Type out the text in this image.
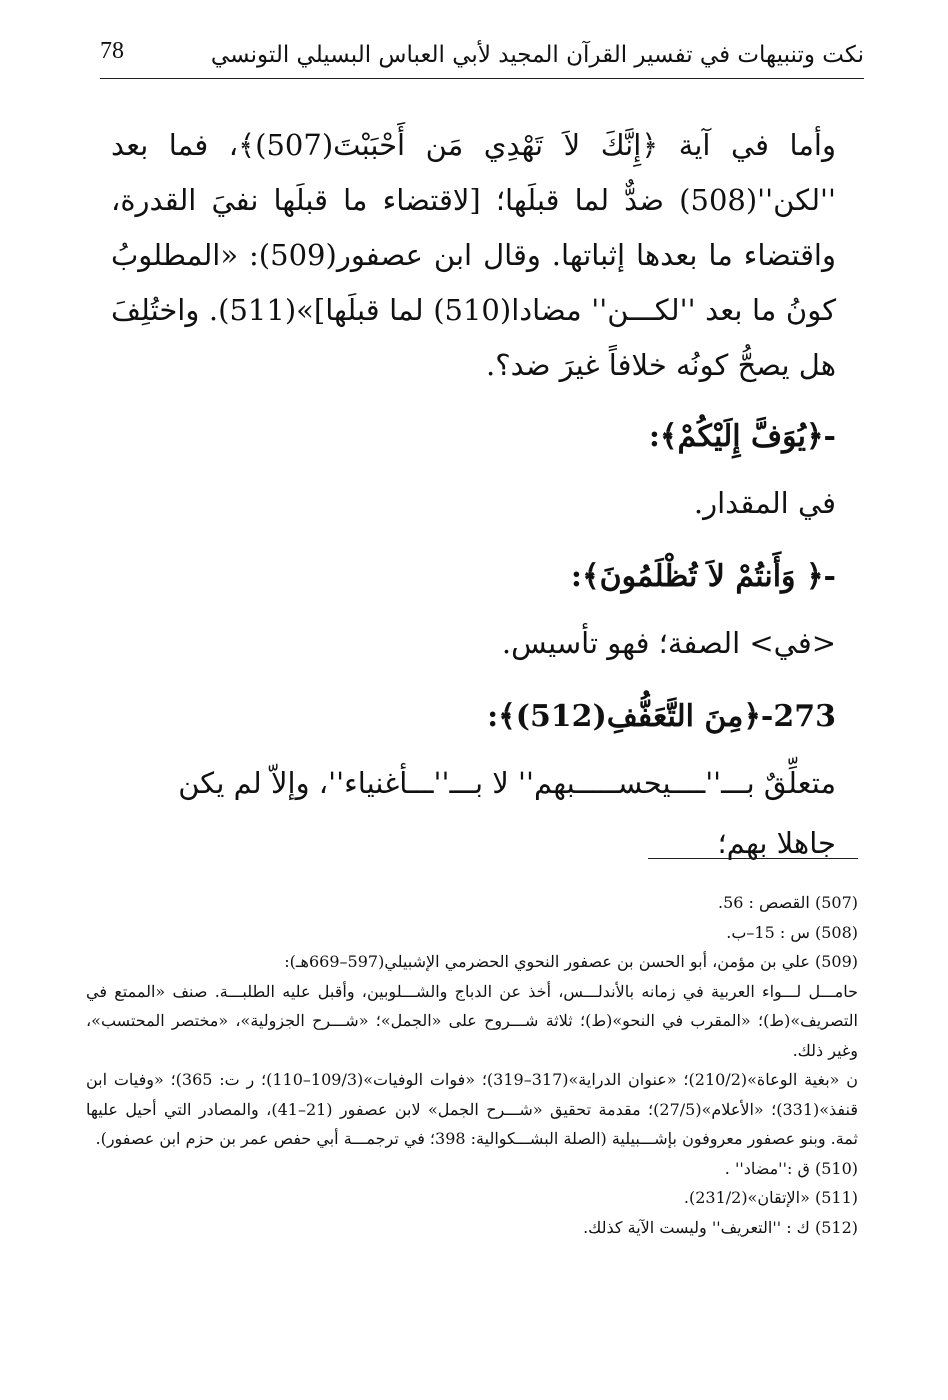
78	نكت وتنبيهات في تفسير القرآن المجيد لأبي العباس البسيلي التونسي

وأما في آية ﴿إِنَّكَ لاَ تَهْدِي مَن أَحْبَبْتَ(507)﴾، فما بعد ''لكن''(508) ضدٌّ لما قبلَها؛ [لاقتضاء ما قبلَها نفيَ القدرة، واقتضاء ما بعدها إثباتها. وقال ابن عصفور(509): «المطلوبُ كونُ ما بعد ''لكـــن'' مضادا(510) لما قبلَها]»(511). واختُلِفَ هل يصحُّ كونُه خلافاً غيرَ ضد؟.

-﴿يُوَفَّ إِلَيْكُمْ﴾:

في المقدار.

-﴿ وَأَنتُمْ لاَ تُظْلَمُونَ﴾:

<في> الصفة؛ فهو تأسيس.

273-﴿مِنَ التَّعَفُّفِ(512)﴾:

متعلِّقٌ بـــ''ــــيحســـــبهم'' لا بـــ''ـــأغنياء''، وإلاّ لم يكن جاهلا بهم؛

(507) القصص : 56.

(508) س : 15–ب.

(509) علي بن مؤمن، أبو الحسن بن عصفور النحوي الحضرمي الإشبيلي(597–669هـ):

حامـــل لـــواء العربية في زمانه بالأندلـــس، أخذ عن الدباج والشـــلوبين، وأقبل عليه الطلبـــة. صنف «الممتع في التصريف»(ط)؛ «المقرب في النحو»(ط)؛ ثلاثة شـــروح على «الجمل»؛ «شـــرح الجزولية»، «مختصر المحتسب»، وغير ذلك.

ن «بغية الوعاة»(210/2)؛ «عنوان الدراية»(317–319)؛ «فوات الوفيات»(109/3–110)؛ ر ت: 365)؛ «وفيات ابن قنفذ»(331)؛ «الأعلام»(27/5)؛ مقدمة تحقيق «شـــرح الجمل» لابن عصفور (21–41)، والمصادر التي أحيل عليها ثمة. وبنو عصفور معروفون بإشـــبيلية (الصلة البشـــكوالية: 398؛ في ترجمـــة أبي حفص عمر بن حزم ابن عصفور).

(510) ق :''مضاد'' .

(511) «الإتقان»(231/2).

(512) ك : ''التعريف'' وليست الآية كذلك.
